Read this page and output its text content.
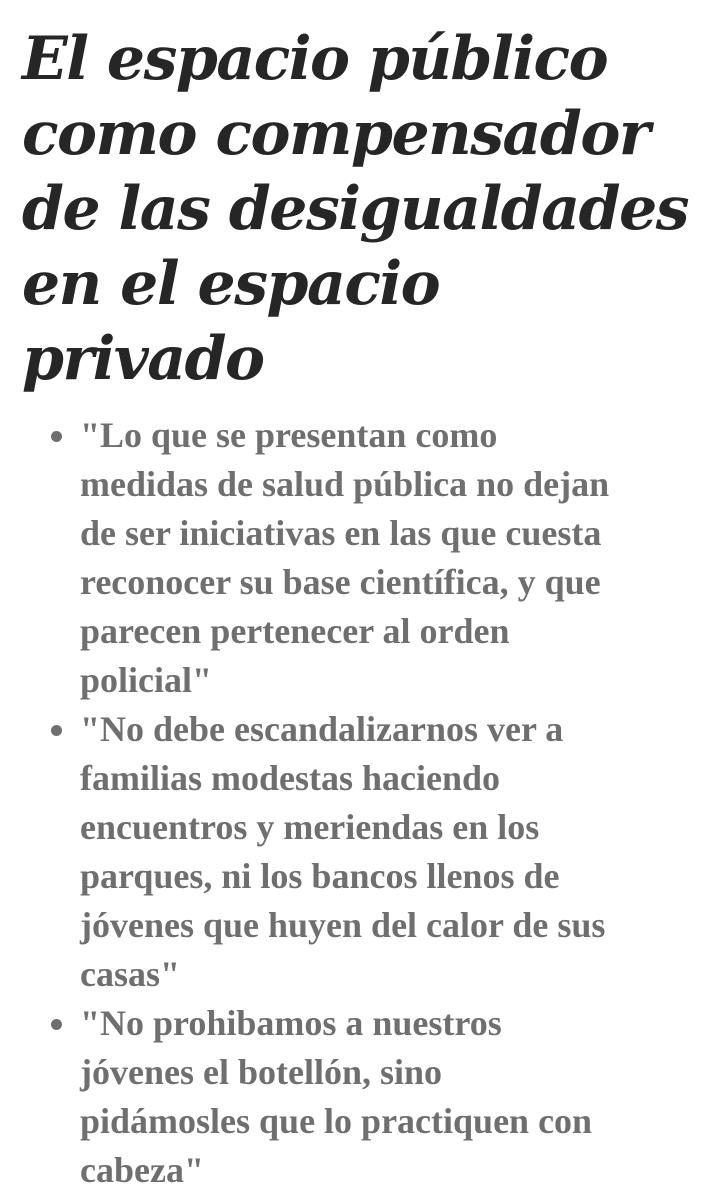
El espacio público
como compensador
de las desigualdades
en el espacio
privado
"Lo que se presentan como
medidas de salud pública no dejan
de ser iniciativas en las que cuesta
reconocer su base científica, y que
parecen pertenecer al orden
policial"
"No debe escandalizarnos ver a
familias modestas haciendo
encuentros y meriendas en los
parques, ni los bancos llenos de
jóvenes que huyen del calor de sus
casas"
"No prohibamos a nuestros
jóvenes el botellón, sino
pidámosles que lo practiquen con
cabeza"
